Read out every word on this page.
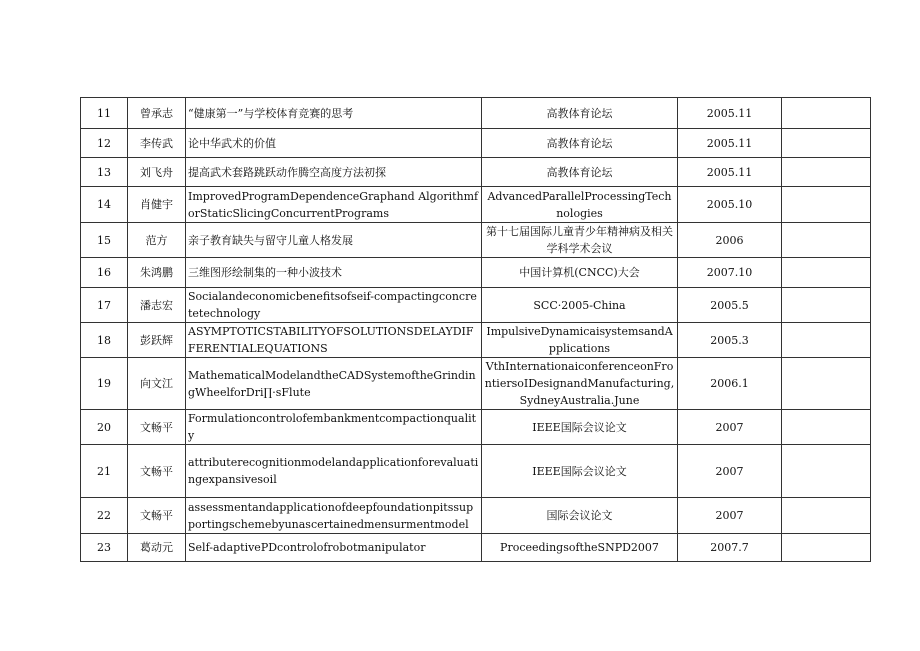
11	曾承志	“健康第一”与学校体育竞赛的思考	高教体育论坛	2005.11	
12	李传武	论中华武术的价值	高教体育论坛	2005.11	
13	刘飞舟	提高武术套路跳跃动作腾空高度方法初探	高教体育论坛	2005.11	
14	肖健宇	ImprovedProgramDependenceGraphand AlgorithmforStaticSlicingConcurrentPrograms	AdvancedParallelProcessingTechnologies	2005.10	
15	范方	亲子教育缺失与留守儿童人格发展	第十七届国际儿童青少年精神病及相关学科学术会议	2006	
16	朱鸿鹏	三维图形绘制集的一种小波技术	中国计算机(CNCC)大会	2007.10	
17	潘志宏	Socialandeconomicbenefitsofseif-compactingconcretetechnology	SCC·2005-China	2005.5	
18	彭跃辉	ASYMPTOTICSTABILITYOFSOLUTIONSDELAYDIFFERENTIALEQUATIONS	ImpulsiveDynamicaisystemsandApplications	2005.3	
19	向文江	MathematicalModelandtheCADSystemoftheGrindingWheelforDri∏·sFlute	VthInternationaiconferenceonFrontiersoIDesignandManufacturing,SydneyAustralia.June	2006.1	
20	文畅平	Formulationcontrolofembankmentcompactionquality	IEEE国际会议论文	2007	
21	文畅平	attributerecognitionmodelandapplicationforevaluatingexpansivesoil	IEEE国际会议论文	2007	
22	文畅平	assessmentandapplicationofdeepfoundationpitssupportingschemebyunascertainedmensurmentmodel	国际会议论文	2007	
23	葛动元	Self-adaptivePDcontrolofrobotmanipulator	ProceedingsoftheSNPD2007	2007.7	
